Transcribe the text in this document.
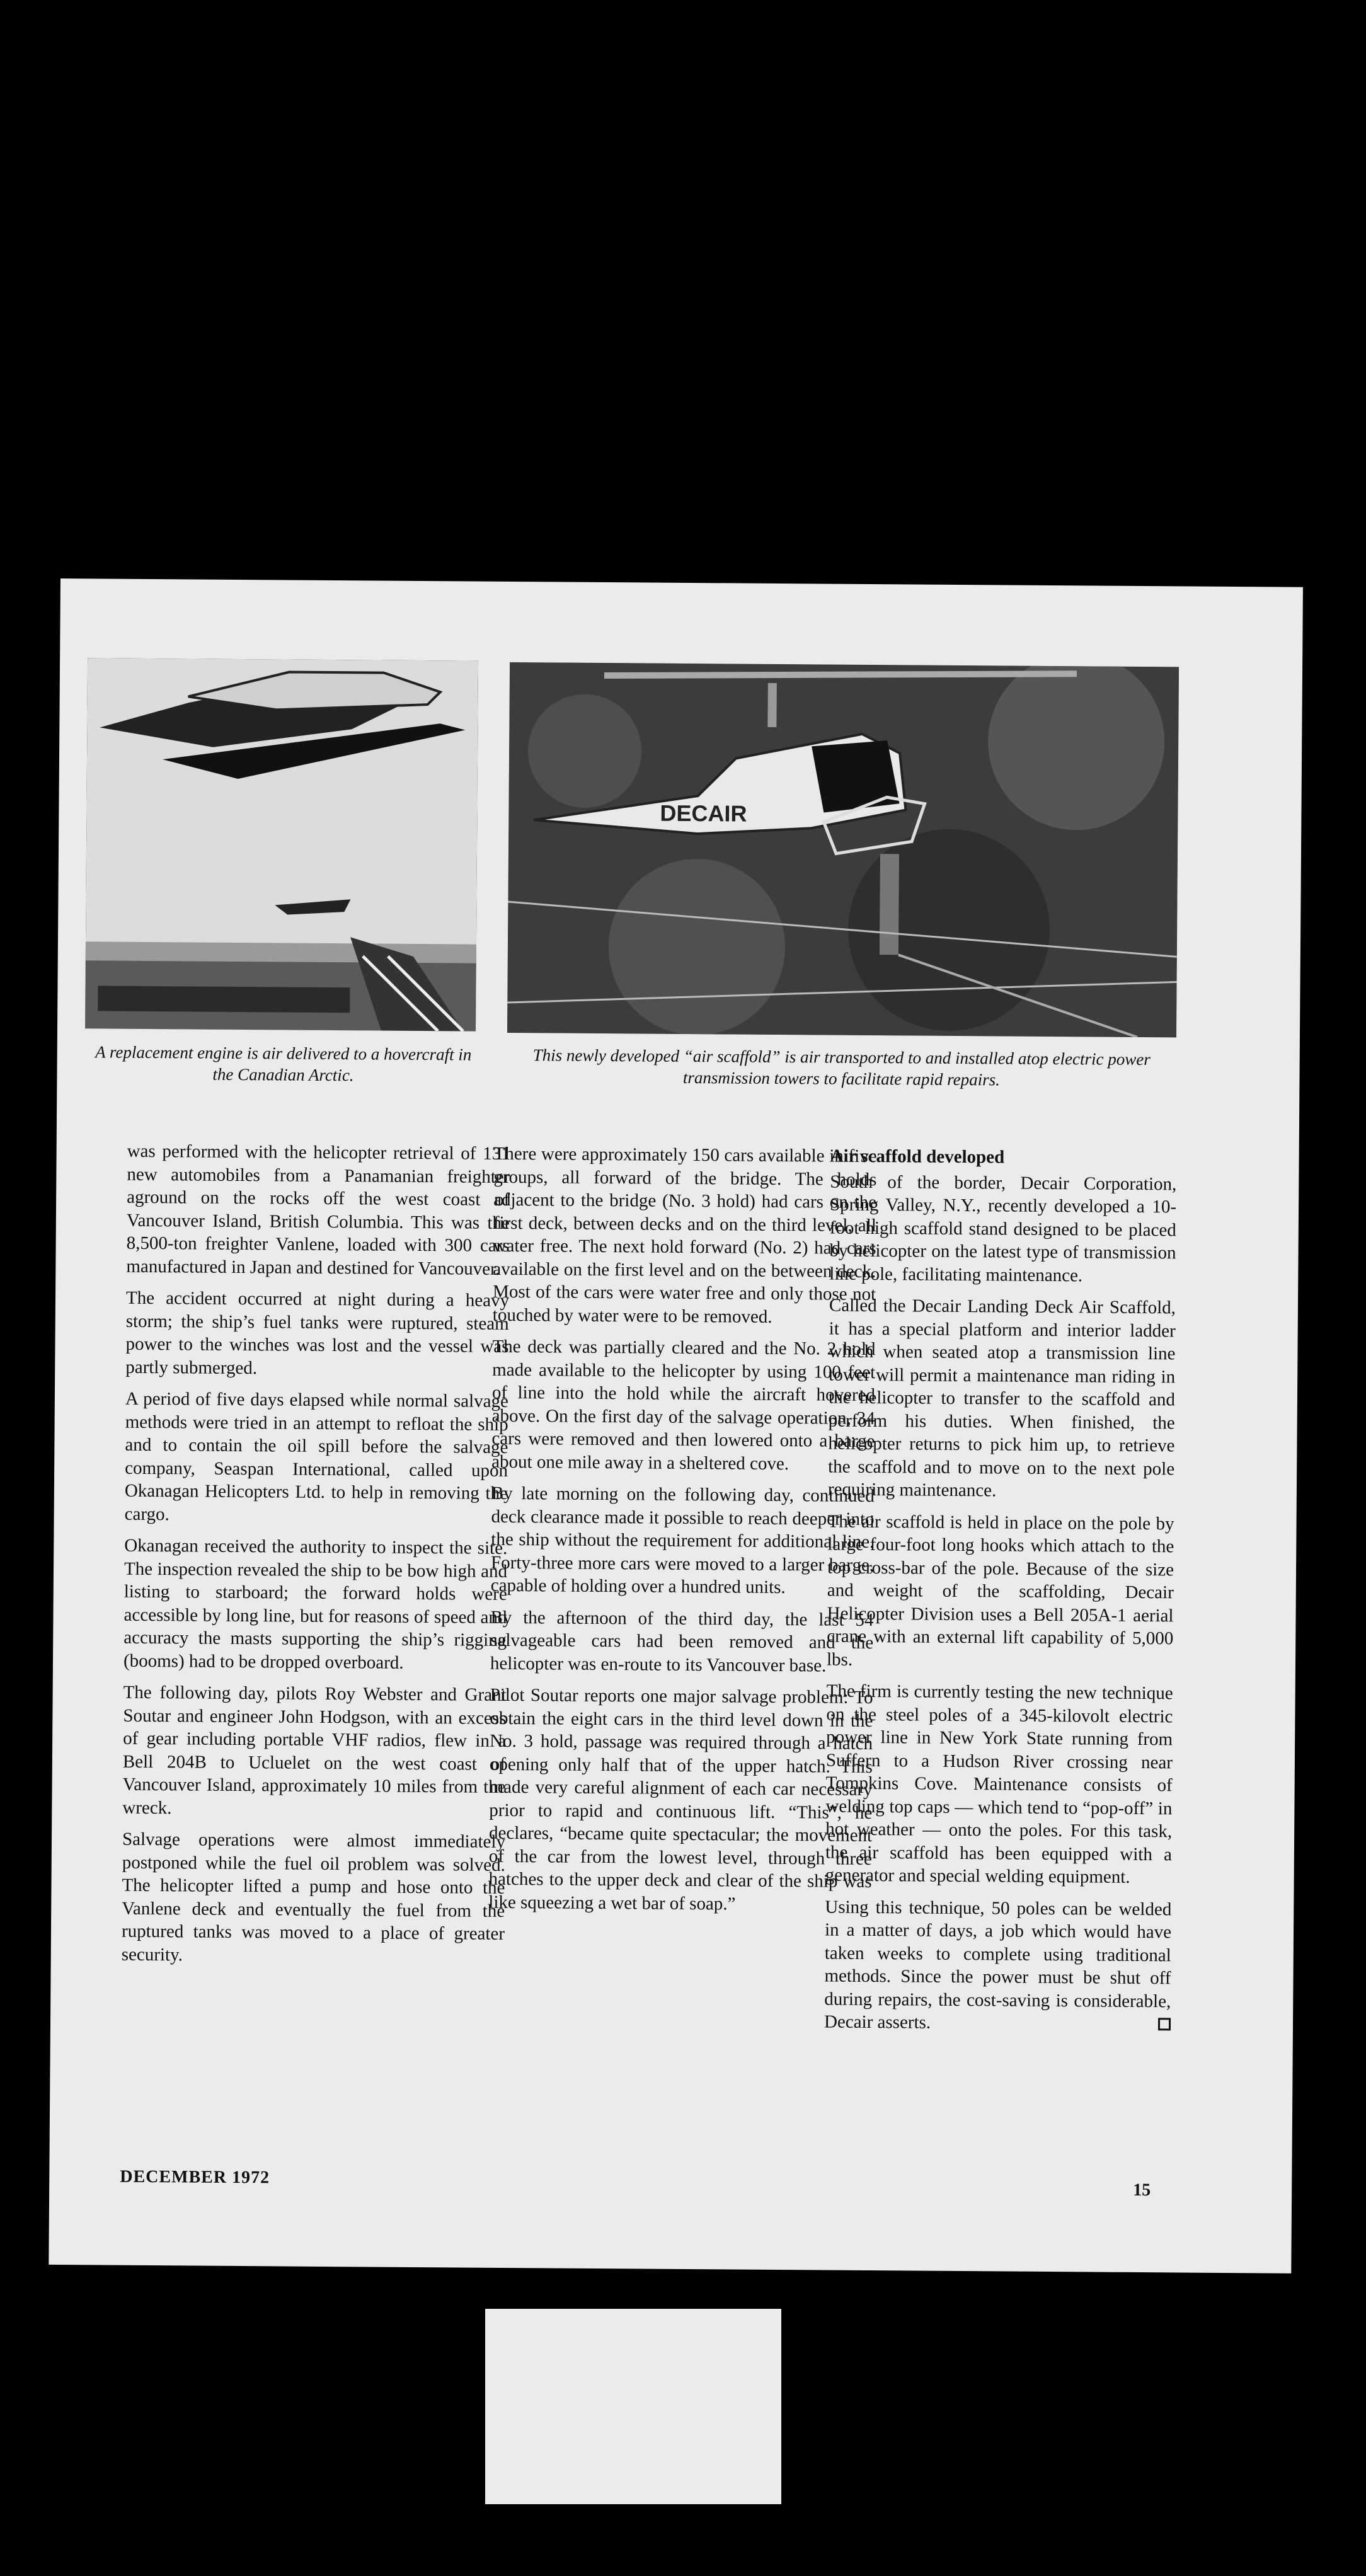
DECAIR
A replacement engine is air delivered to a hovercraft in the Canadian Arctic.
This newly developed “air scaffold” is air transported to and installed atop electric power transmission towers to facilitate rapid repairs.

was performed with the helicopter retrieval of 131 new automobiles from a Panamanian freighter aground on the rocks off the west coast of Vancouver Island, British Columbia. This was the 8,500-ton freighter Vanlene, loaded with 300 cars manufactured in Japan and destined for Vancouver.

The accident occurred at night during a heavy storm; the ship’s fuel tanks were ruptured, steam power to the winches was lost and the vessel was partly submerged.

A period of five days elapsed while normal salvage methods were tried in an attempt to refloat the ship and to contain the oil spill before the salvage company, Seaspan International, called upon Okanagan Helicopters Ltd. to help in removing the cargo.

Okanagan received the authority to inspect the site. The inspection revealed the ship to be bow high and listing to starboard; the forward holds were accessible by long line, but for reasons of speed and accuracy the masts supporting the ship’s rigging (booms) had to be dropped overboard.

The following day, pilots Roy Webster and Grant Soutar and engineer John Hodgson, with an excess of gear including portable VHF radios, flew in a Bell 204B to Ucluelet on the west coast of Vancouver Island, approximately 10 miles from the wreck.

Salvage operations were almost immediately postponed while the fuel oil problem was solved. The helicopter lifted a pump and hose onto the Vanlene deck and eventually the fuel from the ruptured tanks was moved to a place of greater security.

There were approximately 150 cars available in five groups, all forward of the bridge. The holds adjacent to the bridge (No. 3 hold) had cars on the first deck, between decks and on the third level, all water free. The next hold forward (No. 2) had cars available on the first level and on the between deck. Most of the cars were water free and only those not touched by water were to be removed.

The deck was partially cleared and the No. 2 hold made available to the helicopter by using 100 feet of line into the hold while the aircraft hovered above. On the first day of the salvage operation, 34 cars were removed and then lowered onto a barge about one mile away in a sheltered cove.

By late morning on the following day, continued deck clearance made it possible to reach deeper into the ship without the requirement for additional line. Forty-three more cars were moved to a larger barge, capable of holding over a hundred units.

By the afternoon of the third day, the last 54 salvageable cars had been removed and the helicopter was en-route to its Vancouver base.

Pilot Soutar reports one major salvage problem: To obtain the eight cars in the third level down in the No. 3 hold, passage was required through a hatch opening only half that of the upper hatch. This made very careful alignment of each car necessary prior to rapid and continuous lift. “This”, he declares, “became quite spectacular; the movement of the car from the lowest level, through three hatches to the upper deck and clear of the ship was like squeezing a wet bar of soap.”

Air scaffold developed

South of the border, Decair Corporation, Spring Valley, N.Y., recently developed a 10-foot high scaffold stand designed to be placed by helicopter on the latest type of transmission line pole, facilitating maintenance.

Called the Decair Landing Deck Air Scaffold, it has a special platform and interior ladder which when seated atop a transmission line tower will permit a maintenance man riding in the helicopter to transfer to the scaffold and perform his duties. When finished, the helicopter returns to pick him up, to retrieve the scaffold and to move on to the next pole requiring maintenance.

The air scaffold is held in place on the pole by large four-foot long hooks which attach to the top cross-bar of the pole. Because of the size and weight of the scaffolding, Decair Helicopter Division uses a Bell 205A-1 aerial crane with an external lift capability of 5,000 lbs.

The firm is currently testing the new technique on the steel poles of a 345-kilovolt electric power line in New York State running from Suffern to a Hudson River crossing near Tompkins Cove. Maintenance consists of welding top caps — which tend to “pop-off” in hot weather — onto the poles. For this task, the air scaffold has been equipped with a generator and special welding equipment.

Using this technique, 50 poles can be welded in a matter of days, a job which would have taken weeks to complete using traditional methods. Since the power must be shut off during repairs, the cost-saving is considerable, Decair asserts.

DECEMBER 1972
15
